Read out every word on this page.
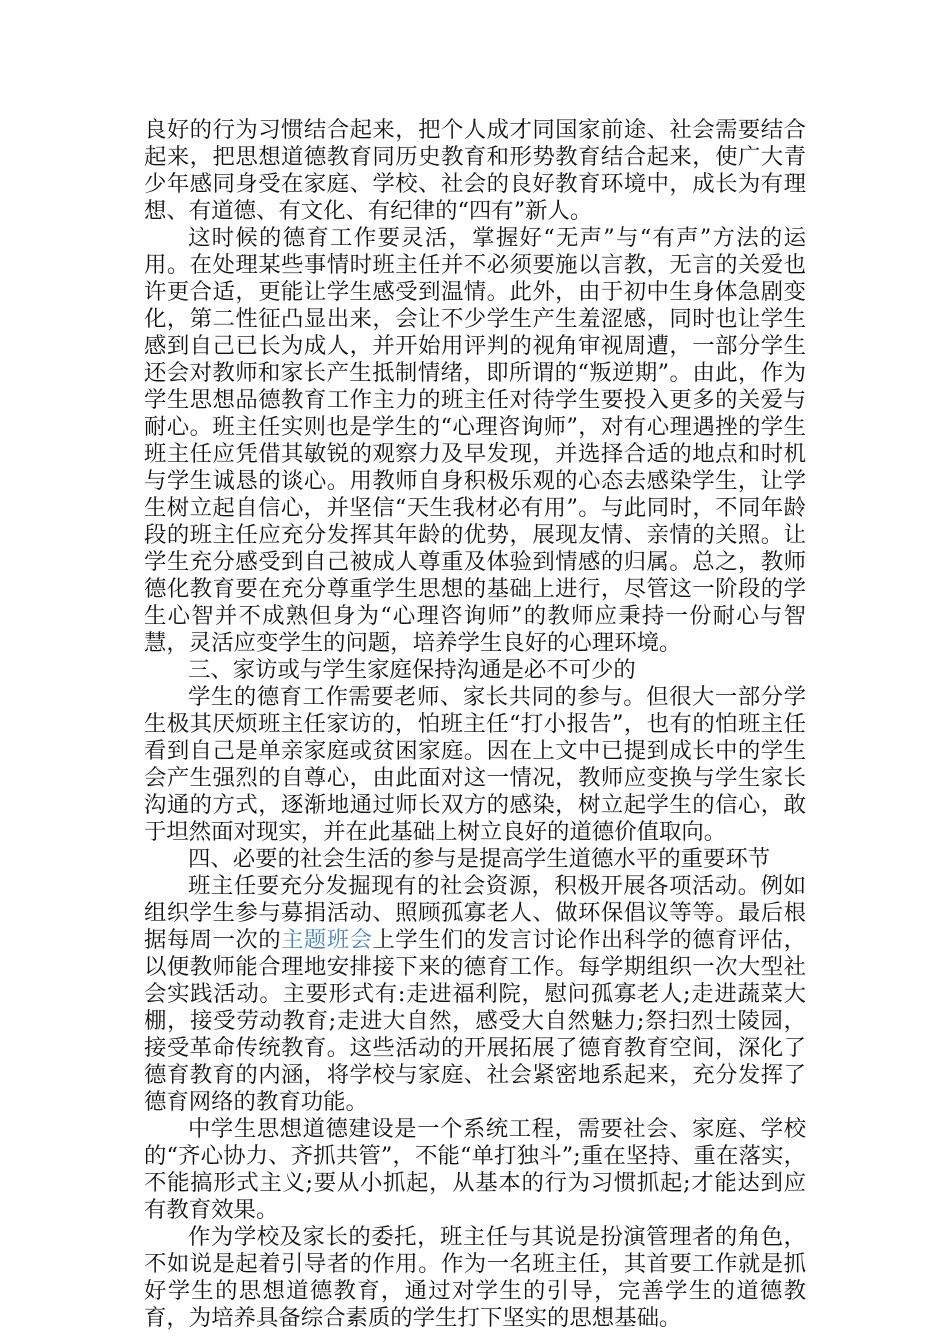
良好的行为习惯结合起来，把个人成才同国家前途、社会需要结合起来，把思想道德教育同历史教育和形势教育结合起来，使广大青少年感同身受在家庭、学校、社会的良好教育环境中，成长为有理想、有道德、有文化、有纪律的“四有”新人。

这时候的德育工作要灵活，掌握好“无声”与“有声”方法的运用。在处理某些事情时班主任并不必须要施以言教，无言的关爱也许更合适，更能让学生感受到温情。此外，由于初中生身体急剧变化，第二性征凸显出来，会让不少学生产生羞涩感，同时也让学生感到自己已长为成人，并开始用评判的视角审视周遭，一部分学生还会对教师和家长产生抵制情绪，即所谓的“叛逆期”。由此，作为学生思想品德教育工作主力的班主任对待学生要投入更多的关爱与耐心。班主任实则也是学生的“心理咨询师”，对有心理遇挫的学生班主任应凭借其敏锐的观察力及早发现，并选择合适的地点和时机与学生诚恳的谈心。用教师自身积极乐观的心态去感染学生，让学生树立起自信心，并坚信“天生我材必有用”。与此同时，不同年龄段的班主任应充分发挥其年龄的优势，展现友情、亲情的关照。让学生充分感受到自己被成人尊重及体验到情感的归属。总之，教师德化教育要在充分尊重学生思想的基础上进行，尽管这一阶段的学生心智并不成熟但身为“心理咨询师”的教师应秉持一份耐心与智慧，灵活应变学生的问题，培养学生良好的心理环境。

三、家访或与学生家庭保持沟通是必不可少的

学生的德育工作需要老师、家长共同的参与。但很大一部分学生极其厌烦班主任家访的，怕班主任“打小报告”，也有的怕班主任看到自己是单亲家庭或贫困家庭。因在上文中已提到成长中的学生会产生强烈的自尊心，由此面对这一情况，教师应变换与学生家长沟通的方式，逐渐地通过师长双方的感染，树立起学生的信心，敢于坦然面对现实，并在此基础上树立良好的道德价值取向。

四、必要的社会生活的参与是提高学生道德水平的重要环节

班主任要充分发掘现有的社会资源，积极开展各项活动。例如组织学生参与募捐活动、照顾孤寡老人、做环保倡议等等。最后根据每周一次的主题班会上学生们的发言讨论作出科学的德育评估，以便教师能合理地安排接下来的德育工作。每学期组织一次大型社会实践活动。主要形式有:走进福利院，慰问孤寡老人;走进蔬菜大棚，接受劳动教育;走进大自然，感受大自然魅力;祭扫烈士陵园，接受革命传统教育。这些活动的开展拓展了德育教育空间，深化了德育教育的内涵，将学校与家庭、社会紧密地系起来，充分发挥了德育网络的教育功能。

中学生思想道德建设是一个系统工程，需要社会、家庭、学校的“齐心协力、齐抓共管”，不能“单打独斗”;重在坚持、重在落实，不能搞形式主义;要从小抓起，从基本的行为习惯抓起;才能达到应有教育效果。

作为学校及家长的委托，班主任与其说是扮演管理者的角色，不如说是起着引导者的作用。作为一名班主任，其首要工作就是抓好学生的思想道德教育，通过对学生的引导，完善学生的道德教育，为培养具备综合素质的学生打下坚实的思想基础。
